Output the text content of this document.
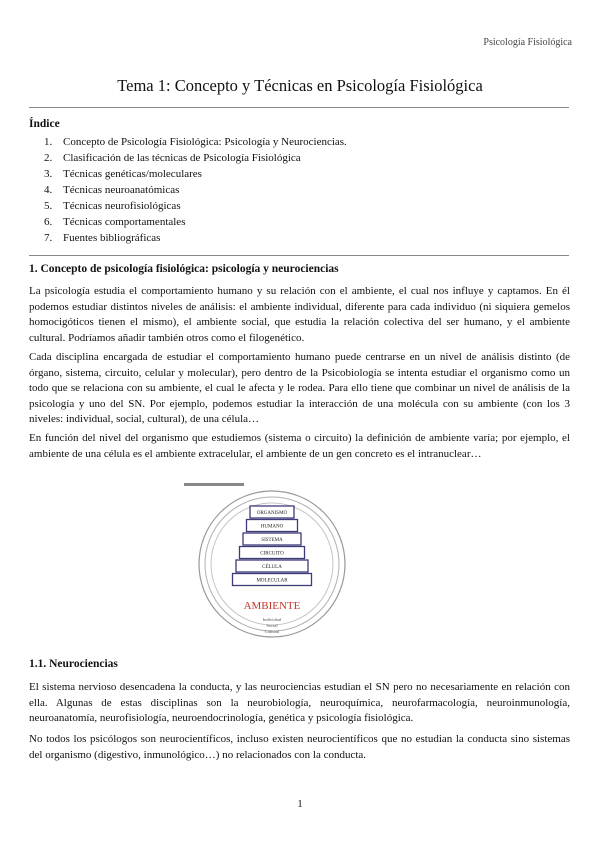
Psicología Fisiológica
Tema 1: Concepto y Técnicas en Psicología Fisiológica
Índice
1. Concepto de Psicología Fisiológica: Psicología y Neurociencias.
2. Clasificación de las técnicas de Psicología Fisiológica
3. Técnicas genéticas/moleculares
4. Técnicas neuroanatómicas
5. Técnicas neurofisiológicas
6. Técnicas comportamentales
7. Fuentes bibliográficas
1. Concepto de psicología fisiológica: psicología y neurociencias

La psicología estudia el comportamiento humano y su relación con el ambiente, el cual nos influye y captamos. En él podemos estudiar distintos niveles de análisis: el ambiente individual, diferente para cada individuo (ni siquiera gemelos homocigóticos tienen el mismo), el ambiente social, que estudia la relación colectiva del ser humano, y el ambiente cultural. Podríamos añadir también otros como el filogenético.

Cada disciplina encargada de estudiar el comportamiento humano puede centrarse en un nivel de análisis distinto (de órgano, sistema, circuito, celular y molecular), pero dentro de la Psicobiología se intenta estudiar el organismo como un todo que se relaciona con su ambiente, el cual le afecta y le rodea. Para ello tiene que combinar un nivel de análisis de la psicología y uno del SN. Por ejemplo, podemos estudiar la interacción de una molécula con su ambiente (con los 3 niveles: individual, social, cultural), de una célula…

En función del nivel del organismo que estudiemos (sistema o circuito) la definición de ambiente varía; por ejemplo, el ambiente de una célula es el ambiente extracelular, el ambiente de un gen concreto es el intranuclear…

ORGANISMO
HUMANO
SISTEMA
CIRCUITO
CÉLULA
MOLECULAR
AMBIENTE
Individual
Social
Cultural
1.1. Neurociencias

El sistema nervioso desencadena la conducta, y las neurociencias estudian el SN pero no necesariamente en relación con ella. Algunas de estas disciplinas son la neurobiología, neuroquímica, neurofarmacología, neuroinmunología, neuroanatomía, neurofisiología, neuroendocrinología, genética y psicología fisiológica.

No todos los psicólogos son neurocientíficos, incluso existen neurocientíficos que no estudian la conducta sino sistemas del organismo (digestivo, inmunológico…) no relacionados con la conducta.

1
